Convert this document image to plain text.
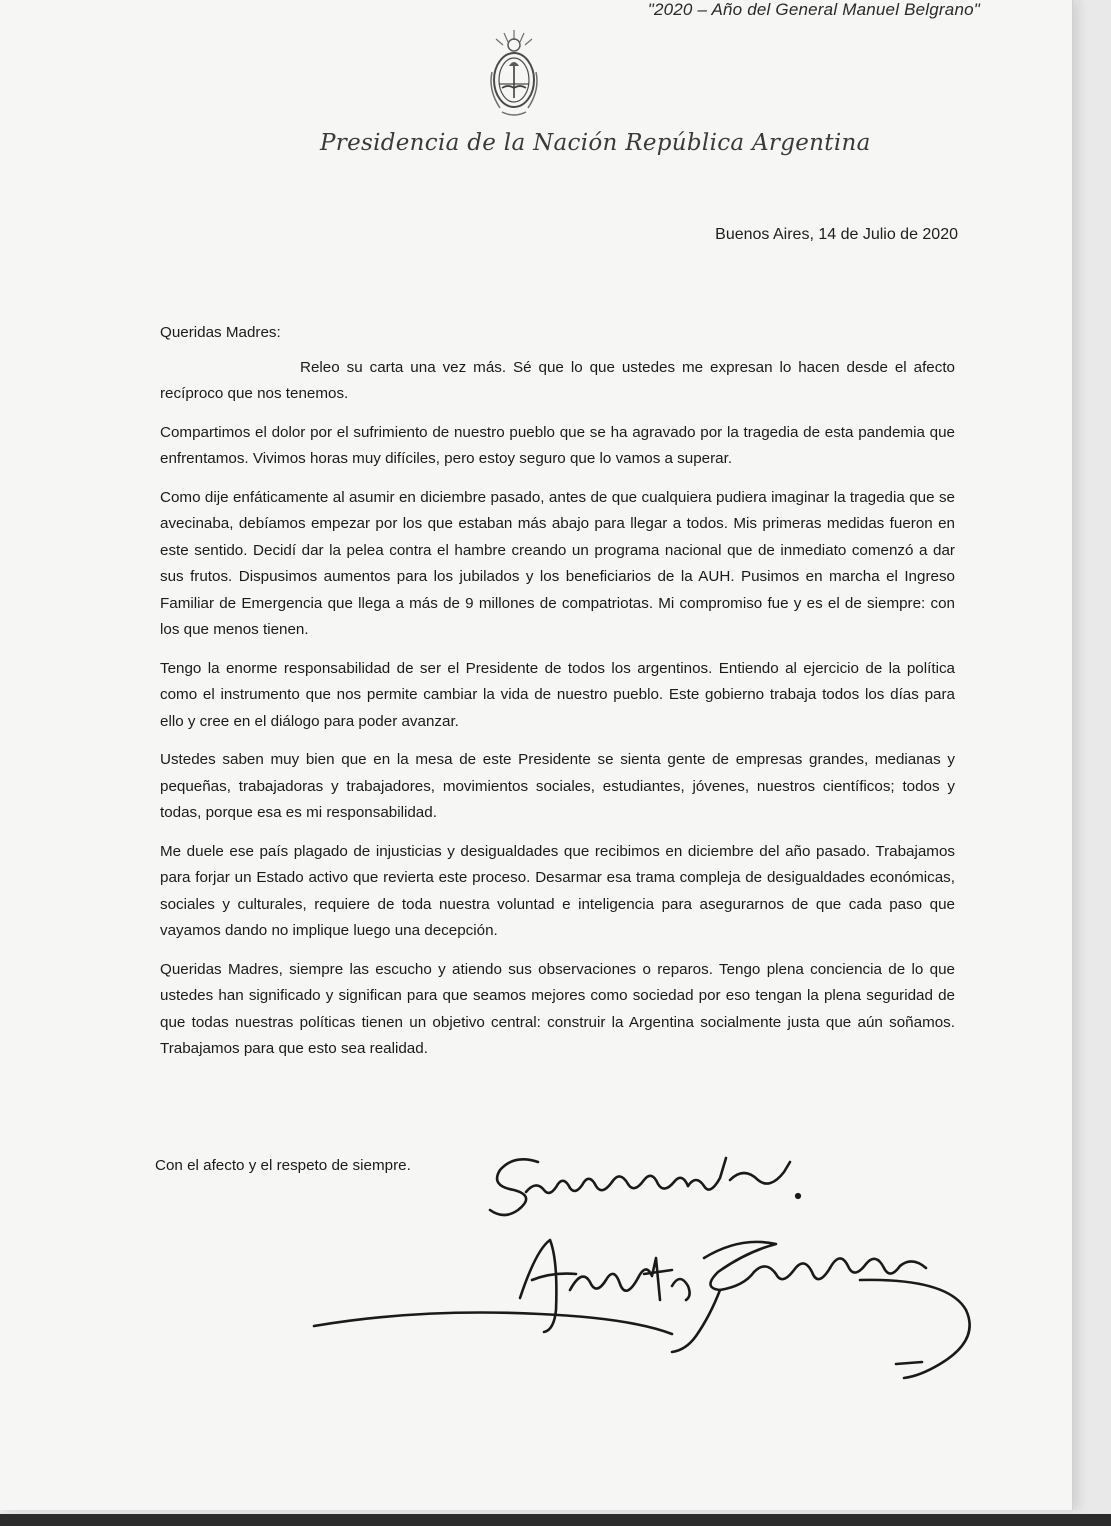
"2020 – Año del General Manuel Belgrano"
Presidencia de la Nación República Argentina
Buenos Aires, 14 de Julio de 2020

Queridas Madres:

Releo su carta una vez más. Sé que lo que ustedes me expresan lo hacen desde el afecto recíproco que nos tenemos.

Compartimos el dolor por el sufrimiento de nuestro pueblo que se ha agravado por la tragedia de esta pandemia que enfrentamos. Vivimos horas muy difíciles, pero estoy seguro que lo vamos a superar.

Como dije enfáticamente al asumir en diciembre pasado, antes de que cualquiera pudiera imaginar la tragedia que se avecinaba, debíamos empezar por los que estaban más abajo para llegar a todos. Mis primeras medidas fueron en este sentido. Decidí dar la pelea contra el hambre creando un programa nacional que de inmediato comenzó a dar sus frutos. Dispusimos aumentos para los jubilados y los beneficiarios de la AUH. Pusimos en marcha el Ingreso Familiar de Emergencia que llega a más de 9 millones de compatriotas. Mi compromiso fue y es el de siempre: con los que menos tienen.

Tengo la enorme responsabilidad de ser el Presidente de todos los argentinos. Entiendo al ejercicio de la política como el instrumento que nos permite cambiar la vida de nuestro pueblo. Este gobierno trabaja todos los días para ello y cree en el diálogo para poder avanzar.

Ustedes saben muy bien que en la mesa de este Presidente se sienta gente de empresas grandes, medianas y pequeñas, trabajadoras y trabajadores, movimientos sociales, estudiantes, jóvenes, nuestros científicos; todos y todas, porque esa es mi responsabilidad.

Me duele ese país plagado de injusticias y desigualdades que recibimos en diciembre del año pasado. Trabajamos para forjar un Estado activo que revierta este proceso. Desarmar esa trama compleja de desigualdades económicas, sociales y culturales, requiere de toda nuestra voluntad e inteligencia para asegurarnos de que cada paso que vayamos dando no implique luego una decepción.

Queridas Madres, siempre las escucho y atiendo sus observaciones o reparos. Tengo plena conciencia de lo que ustedes han significado y significan para que seamos mejores como sociedad por eso tengan la plena seguridad de que todas nuestras políticas tienen un objetivo central: construir la Argentina socialmente justa que aún soñamos. Trabajamos para que esto sea realidad.

Con el afecto y el respeto de siempre.
